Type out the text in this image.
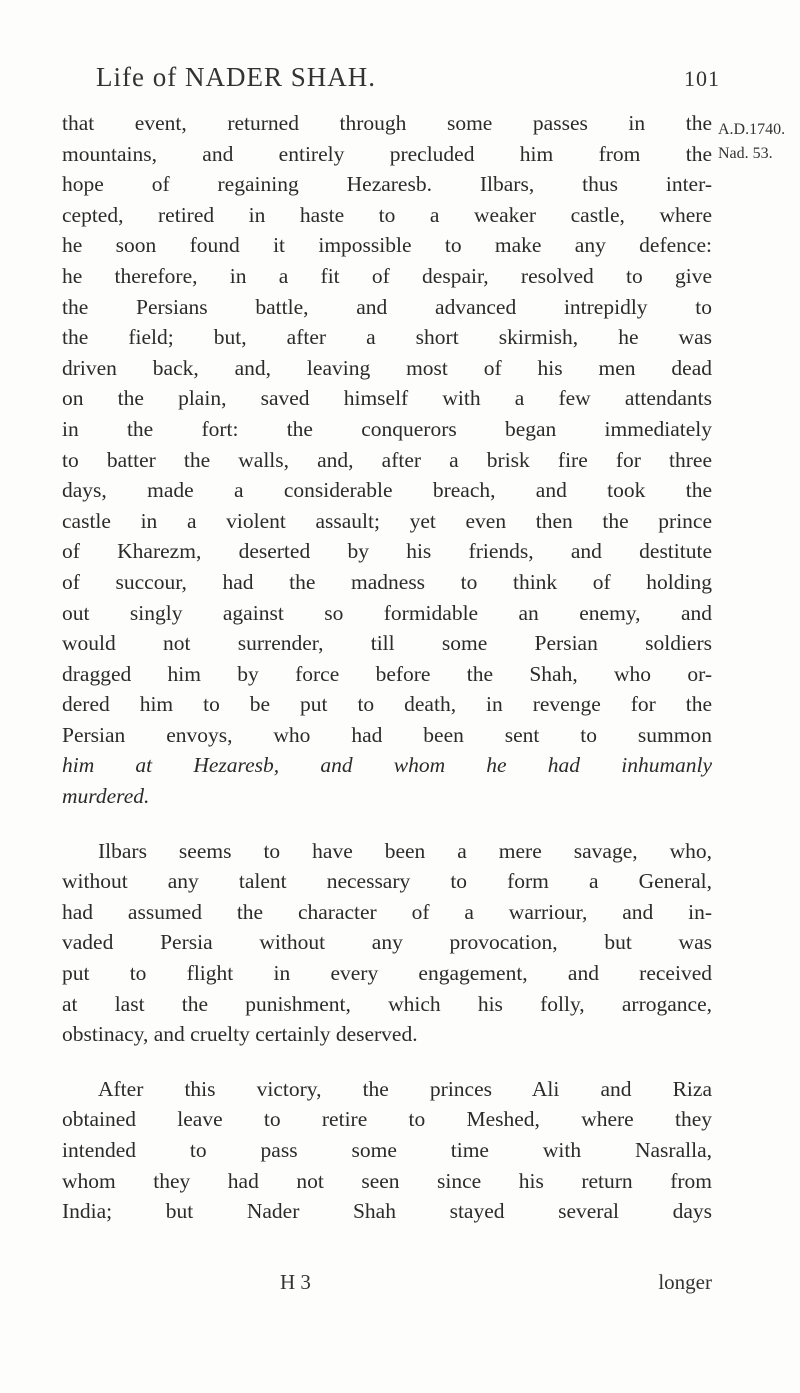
Life of NADER SHAH.	101
A.D.1740.
Nad. 53.
that event, returned through some passes in the
mountains, and entirely precluded him from the
hope of regaining Hezaresb. Ilbars, thus inter-
cepted, retired in haste to a weaker castle, where
he soon found it impossible to make any defence:
he therefore, in a fit of despair, resolved to give
the Persians battle, and advanced intrepidly to
the field; but, after a short skirmish, he was
driven back, and, leaving most of his men dead
on the plain, saved himself with a few attendants
in the fort: the conquerors began immediately
to batter the walls, and, after a brisk fire for three
days, made a considerable breach, and took the
castle in a violent assault; yet even then the prince
of Kharezm, deserted by his friends, and destitute
of succour, had the madness to think of holding
out singly against so formidable an enemy, and
would not surrender, till some Persian soldiers
dragged him by force before the Shah, who or-
dered him to be put to death, in revenge for the
Persian envoys, who had been sent to summon
him at Hezaresb, and whom he had inhumanly
murdered.
Ilbars seems to have been a mere savage, who,
without any talent necessary to form a General,
had assumed the character of a warriour, and in-
vaded Persia without any provocation, but was
put to flight in every engagement, and received
at last the punishment, which his folly, arrogance,
obstinacy, and cruelty certainly deserved.
After this victory, the princes Ali and Riza
obtained leave to retire to Meshed, where they
intended to pass some time with Nasralla,
whom they had not seen since his return from
India; but Nader Shah stayed several days
H 3	longer
